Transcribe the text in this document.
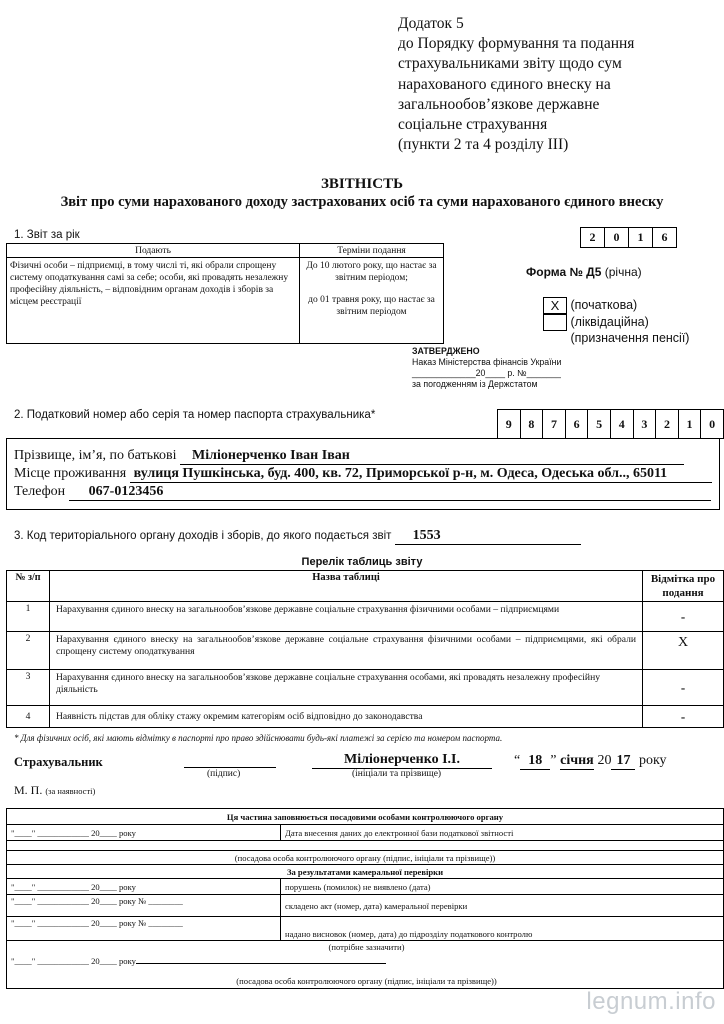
Додаток 5
до Порядку формування та подання
страхувальниками звіту щодо сум
нарахованого єдиного внеску на
загальнообов’язкове державне
соціальне страхування
(пункти 2 та 4 розділу ІІІ)
ЗВІТНІСТЬ
Звіт про суми нарахованого доходу застрахованих осіб та суми нарахованого єдиного внеску
1. Звіт за рік	2	0	1	6
Подають	Терміни подання
Фізичні особи – підприємці, в тому числі ті, які обрали спрощену систему оподаткування самі за себе; особи, які провадять незалежну професійну діяльність, – відповідним органам доходів і зборів за місцем реєстрації	До 10 лютого року, що настає за звітним періодом;
до 01 травня року, що настає за звітним періодом
Форма № Д5 (річна)
X (початкова)
(ліквідаційна)
(призначення пенсії)
ЗАТВЕРДЖЕНО
Наказ Міністерства фінансів України
_____________20____ р. №_______
за погодженням із Держстатом
2. Податковий номер або серія та номер паспорта страхувальника*
9	8	7	6	5	4	3	2	1	0
Прізвище, ім’я, по батькові Міліонерченко Іван Іван
Місце проживання вулиця Пушкінська, буд. 400, кв. 72, Приморської р-н, м. Одеса, Одеська обл.., 65011
Телефон 067-0123456
3. Код територіального органу доходів і зборів, до якого подається звіт 1553
Перелік таблиць звіту
№ з/п	Назва таблиці	Відмітка про подання
1	Нарахування єдиного внеску на загальнообов’язкове державне соціальне страхування фізичними особами – підприємцями	-
2	Нарахування єдиного внеску на загальнообов’язкове державне соціальне страхування фізичними особами – підприємцями, які обрали спрощену систему оподаткування	X
3	Нарахування єдиного внеску на загальнообов’язкове державне соціальне страхування особами, які провадять незалежну професійну діяльність	-
4	Наявність підстав для обліку стажу окремим категоріям осіб відповідно до законодавства	-
* Для фізичних осіб, які мають відмітку в паспорті про право здійснювати будь-які платежі за серією та номером паспорта.
Страхувальник
(підпис)
Міліонерченко І.І.
(ініціали та прізвище)
“ 18 ” січня 20 17 року
М. П. (за наявності)
Ця частина заповнюється посадовими особами контролюючого органу	
"____" ____________ 20____ року	Дата внесення даних до електронної бази податкової звітності

(посадова особа контролюючого органу (підпис, ініціали та прізвище))	
За результатами камеральної перевірки	
"____" ____________ 20____ року	порушень (помилок) не виявлено (дата)
"____" ____________ 20____ року № ________	складено акт (номер, дата) камеральної перевірки
"____" ____________ 20____ року № ________	надано висновок (номер, дата) до підрозділу податкового контролю

(потрібне зазначити)
"____" ____________ 20____ року
(посадова особа контролюючого органу (підпис, ініціали та прізвище))	
legnum.info
